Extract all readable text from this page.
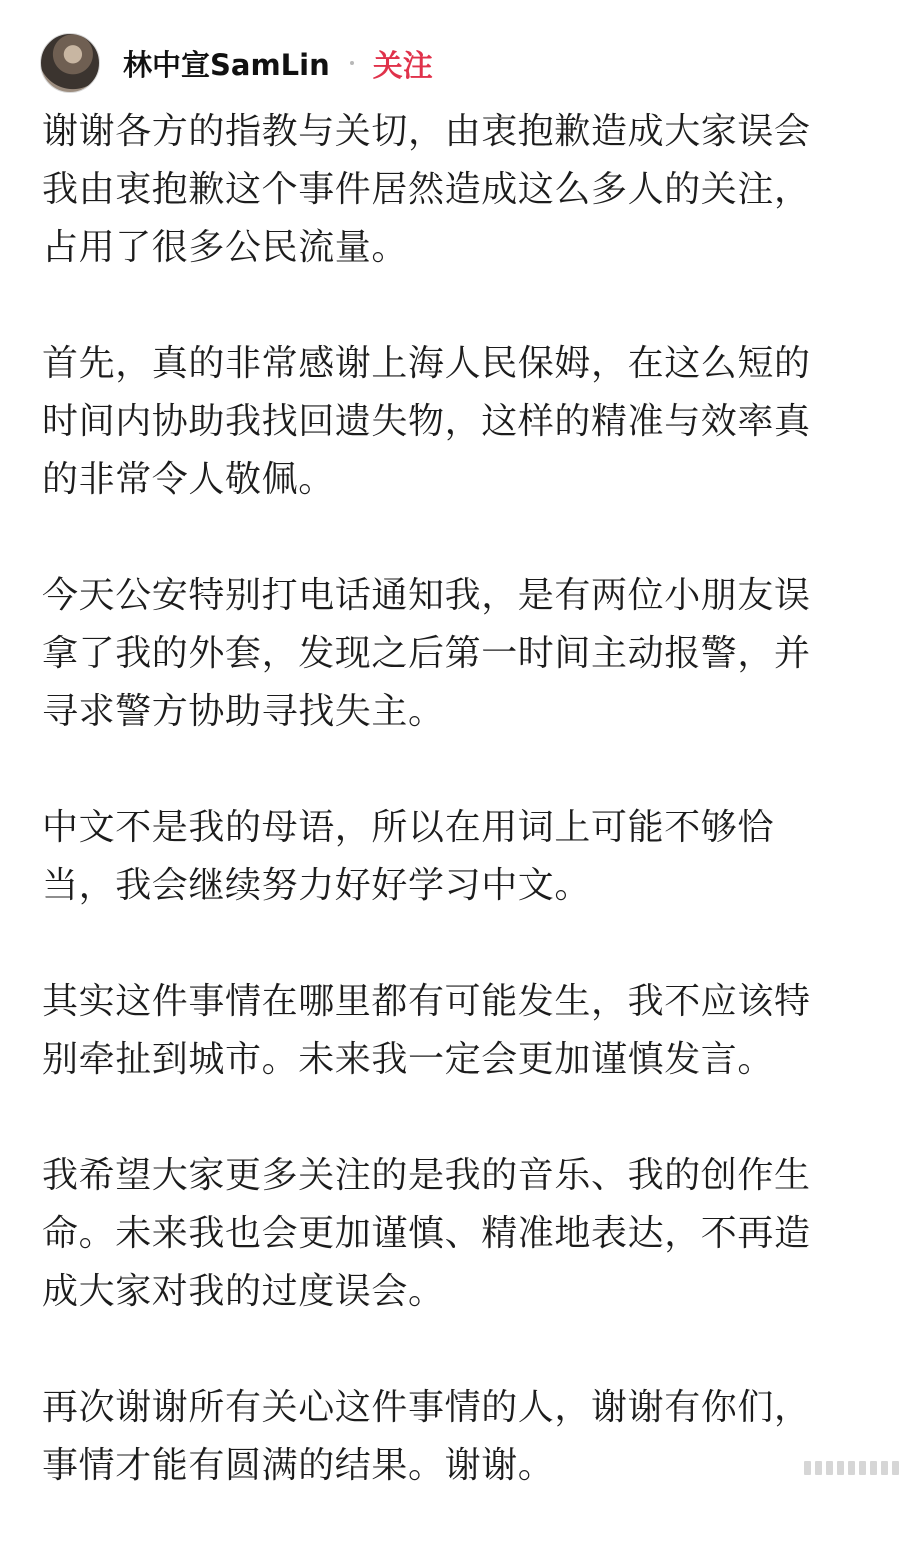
林中宣SamLin 关注
谢谢各方的指教与关切，由衷抱歉造成大家误会
我由衷抱歉这个事件居然造成这么多人的关注，
占用了很多公民流量。
首先，真的非常感谢上海人民保姆，在这么短的
时间内协助我找回遗失物，这样的精准与效率真
的非常令人敬佩。
今天公安特别打电话通知我，是有两位小朋友误
拿了我的外套，发现之后第一时间主动报警，并
寻求警方协助寻找失主。
中文不是我的母语，所以在用词上可能不够恰
当，我会继续努力好好学习中文。
其实这件事情在哪里都有可能发生，我不应该特
别牵扯到城市。未来我一定会更加谨慎发言。
我希望大家更多关注的是我的音乐、我的创作生
命。未来我也会更加谨慎、精准地表达，不再造
成大家对我的过度误会。
再次谢谢所有关心这件事情的人，谢谢有你们，
事情才能有圆满的结果。谢谢。
